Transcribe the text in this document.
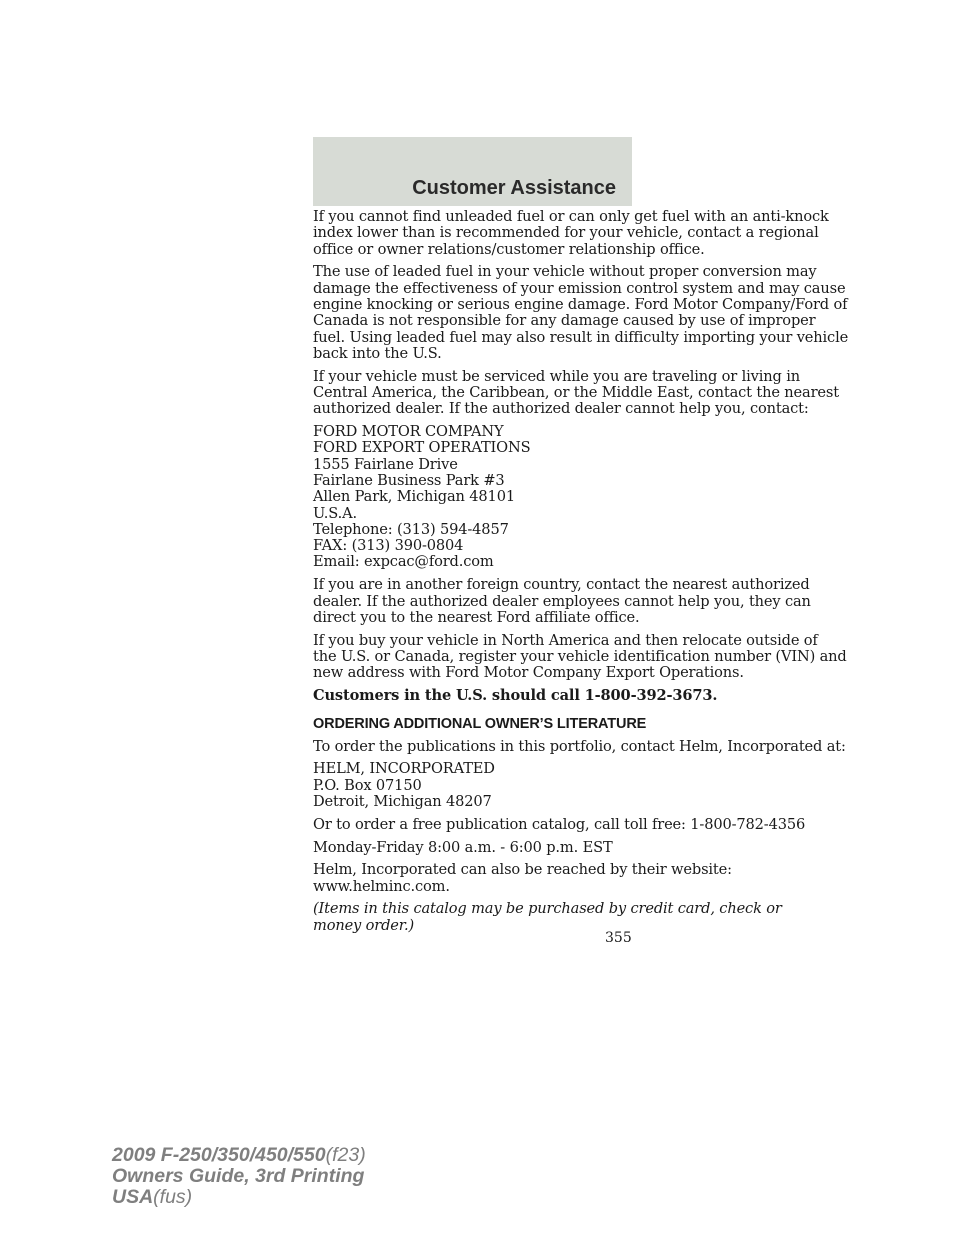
Customer Assistance

If you cannot find unleaded fuel or can only get fuel with an anti-knock
index lower than is recommended for your vehicle, contact a regional
office or owner relations/customer relationship office.

The use of leaded fuel in your vehicle without proper conversion may
damage the effectiveness of your emission control system and may cause
engine knocking or serious engine damage. Ford Motor Company/Ford of
Canada is not responsible for any damage caused by use of improper
fuel. Using leaded fuel may also result in difficulty importing your vehicle
back into the U.S.

If your vehicle must be serviced while you are traveling or living in
Central America, the Caribbean, or the Middle East, contact the nearest
authorized dealer. If the authorized dealer cannot help you, contact:

FORD MOTOR COMPANY
FORD EXPORT OPERATIONS
1555 Fairlane Drive
Fairlane Business Park #3
Allen Park, Michigan 48101
U.S.A.
Telephone: (313) 594-4857
FAX: (313) 390-0804
Email: expcac@ford.com

If you are in another foreign country, contact the nearest authorized
dealer. If the authorized dealer employees cannot help you, they can
direct you to the nearest Ford affiliate office.

If you buy your vehicle in North America and then relocate outside of
the U.S. or Canada, register your vehicle identification number (VIN) and
new address with Ford Motor Company Export Operations.

Customers in the U.S. should call 1-800-392-3673.

ORDERING ADDITIONAL OWNER’S LITERATURE

To order the publications in this portfolio, contact Helm, Incorporated at:

HELM, INCORPORATED
P.O. Box 07150
Detroit, Michigan 48207

Or to order a free publication catalog, call toll free: 1-800-782-4356

Monday-Friday 8:00 a.m. - 6:00 p.m. EST

Helm, Incorporated can also be reached by their website:
www.helminc.com.

(Items in this catalog may be purchased by credit card, check or
money order.)

355
2009 F-250/350/450/550(f23)
Owners Guide, 3rd Printing
USA(fus)
